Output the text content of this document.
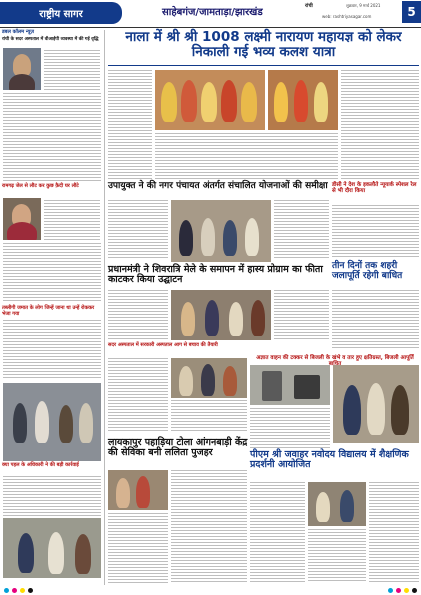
राष्ट्रीय सागर	साहेबगंज/जामताड़ा/झारखंड
रांची	शुक्रवार, 9 मार्च 2021
web: rashtriyasagar.com	5
डबल कॉलम न्यूज़
रांची के सदर अस्पताल में वीआईपी व्यवस्था में की गई वृद्धि
रामगढ़ जेल से लौट कर कुछ क़ैदी घर लौटे
तब्लीगी जमात के लोग जिन्हें जाना था उन्हें रोककर भेजा गया
क्या पहल के अधिकारी ने की बड़ी कार्रवाई
नाला में श्री श्री 1008 लक्ष्मी नारायण महायज्ञ को लेकर निकाली गई भव्य कलश यात्रा
उपायुक्त ने की नगर पंचायत अंतर्गत संचालित योजनाओं की समीक्षा डीसी ने देश के इकलौते न्यूयार्क स्पेशल रेल से भी दौरा किया
प्रधानमंत्री ने शिवरात्रि मेले के समापन में हास्य प्रोग्राम का फीता काटकर किया उद्घाटन
तीन दिनों तक शहरी जलापूर्ति रहेगी बाधित
सदर अस्पताल में सरकारी अस्पताल आग से बचाव की तैयारी
अज्ञात वाहन की टक्कर से बिजली के खंभे व तार हुए क्षतिग्रस्त, बिजली आपूर्ति
लायकापुर पहाड़िया टोला आंगनबाड़ी केंद्र की सेविका बनी ललिता पुजहर	पीएम श्री जवाहर नवोदय विद्यालय में शैक्षणिक प्रदर्शनी आयोजित
